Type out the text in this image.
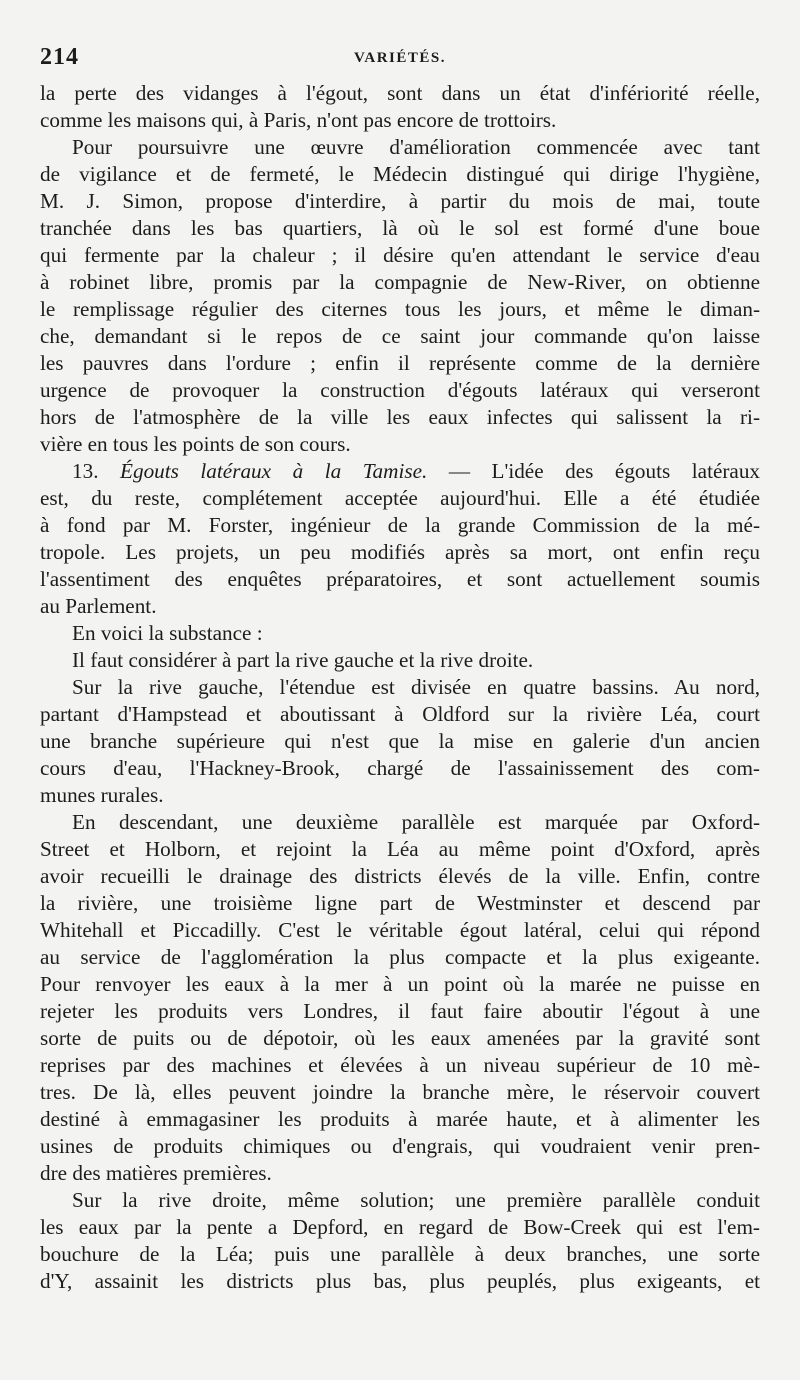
214	VARIÉTÉS.
la perte des vidanges à l'égout, sont dans un état d'infériorité réelle,
comme les maisons qui, à Paris, n'ont pas encore de trottoirs.
Pour poursuivre une œuvre d'amélioration commencée avec tant
de vigilance et de fermeté, le Médecin distingué qui dirige l'hygiène,
M. J. Simon, propose d'interdire, à partir du mois de mai, toute
tranchée dans les bas quartiers, là où le sol est formé d'une boue
qui fermente par la chaleur ; il désire qu'en attendant le service d'eau
à robinet libre, promis par la compagnie de New-River, on obtienne
le remplissage régulier des citernes tous les jours, et même le diman-
che, demandant si le repos de ce saint jour commande qu'on laisse
les pauvres dans l'ordure ; enfin il représente comme de la dernière
urgence de provoquer la construction d'égouts latéraux qui verseront
hors de l'atmosphère de la ville les eaux infectes qui salissent la ri-
vière en tous les points de son cours.
13. Égouts latéraux à la Tamise. — L'idée des égouts latéraux
est, du reste, complétement acceptée aujourd'hui. Elle a été étudiée
à fond par M. Forster, ingénieur de la grande Commission de la mé-
tropole. Les projets, un peu modifiés après sa mort, ont enfin reçu
l'assentiment des enquêtes préparatoires, et sont actuellement soumis
au Parlement.
En voici la substance :
Il faut considérer à part la rive gauche et la rive droite.
Sur la rive gauche, l'étendue est divisée en quatre bassins. Au nord,
partant d'Hampstead et aboutissant à Oldford sur la rivière Léa, court
une branche supérieure qui n'est que la mise en galerie d'un ancien
cours d'eau, l'Hackney-Brook, chargé de l'assainissement des com-
munes rurales.
En descendant, une deuxième parallèle est marquée par Oxford-
Street et Holborn, et rejoint la Léa au même point d'Oxford, après
avoir recueilli le drainage des districts élevés de la ville. Enfin, contre
la rivière, une troisième ligne part de Westminster et descend par
Whitehall et Piccadilly. C'est le véritable égout latéral, celui qui répond
au service de l'agglomération la plus compacte et la plus exigeante.
Pour renvoyer les eaux à la mer à un point où la marée ne puisse en
rejeter les produits vers Londres, il faut faire aboutir l'égout à une
sorte de puits ou de dépotoir, où les eaux amenées par la gravité sont
reprises par des machines et élevées à un niveau supérieur de 10 mè-
tres. De là, elles peuvent joindre la branche mère, le réservoir couvert
destiné à emmagasiner les produits à marée haute, et à alimenter les
usines de produits chimiques ou d'engrais, qui voudraient venir pren-
dre des matières premières.
Sur la rive droite, même solution; une première parallèle conduit
les eaux par la pente a Depford, en regard de Bow-Creek qui est l'em-
bouchure de la Léa; puis une parallèle à deux branches, une sorte
d'Y, assainit les districts plus bas, plus peuplés, plus exigeants, et
